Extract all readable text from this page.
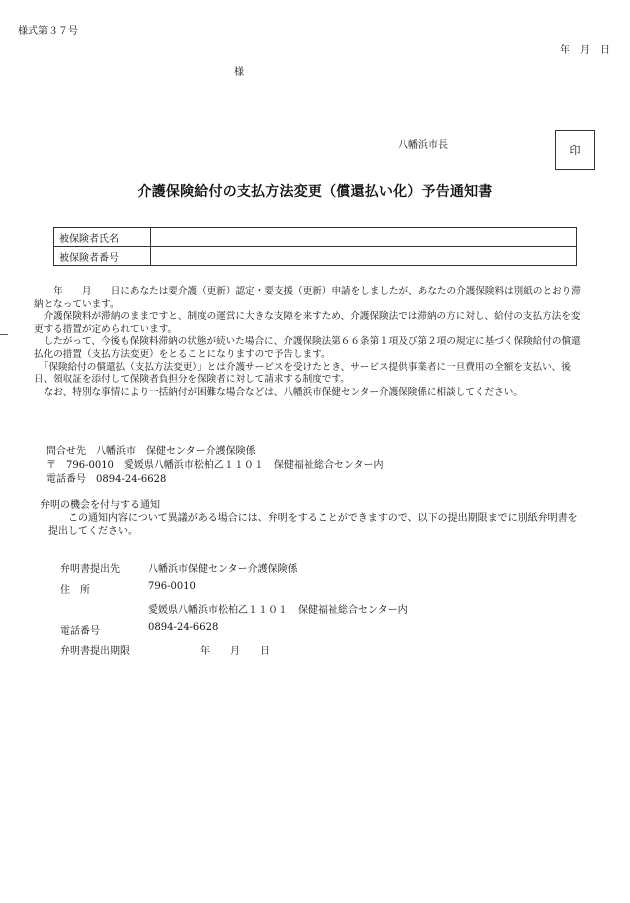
様式第３７号
年　月　日
様
八幡浜市長	印
介護保険給付の支払方法変更（償還払い化）予告通知書
被保険者氏名	
被保険者番号	

　　年　　月　　日にあなたは要介護（更新）認定・要支援（更新）申請をしましたが、あなたの介護保険料は別紙のとおり滞納となっています。

　介護保険料が滞納のままですと、制度の運営に大きな支障を来すため、介護保険法では滞納の方に対し、給付の支払方法を変更する措置が定められています。

　したがって、今後も保険料滞納の状態が続いた場合に、介護保険法第６６条第１項及び第２項の規定に基づく保険給付の償還払化の措置（支払方法変更）をとることになりますので予告します。

　「保険給付の償還払（支払方法変更）」とは介護サービスを受けたとき、サービス提供事業者に一旦費用の全額を支払い、後日、領収証を添付して保険者負担分を保険者に対して請求する制度です。

　なお、特別な事情により一括納付が困難な場合などは、八幡浜市保健センター介護保険係に相談してください。

問合せ先　八幡浜市　保健センター介護保険係
〒　796-0010　愛媛県八幡浜市松柏乙１１０１　保健福祉総合センター内
電話番号　0894-24-6628
弁明の機会を付与する通知
　　この通知内容について異議がある場合には、弁明をすることができますので、以下の提出期限までに別紙弁明書を提出してください。
弁明書提出先	八幡浜市保健センター介護保険係
住　所	796-0010
愛媛県八幡浜市松柏乙１１０１　保健福祉総合センター内
電話番号	0894-24-6628
弁明書提出期限	年　　月　　日
